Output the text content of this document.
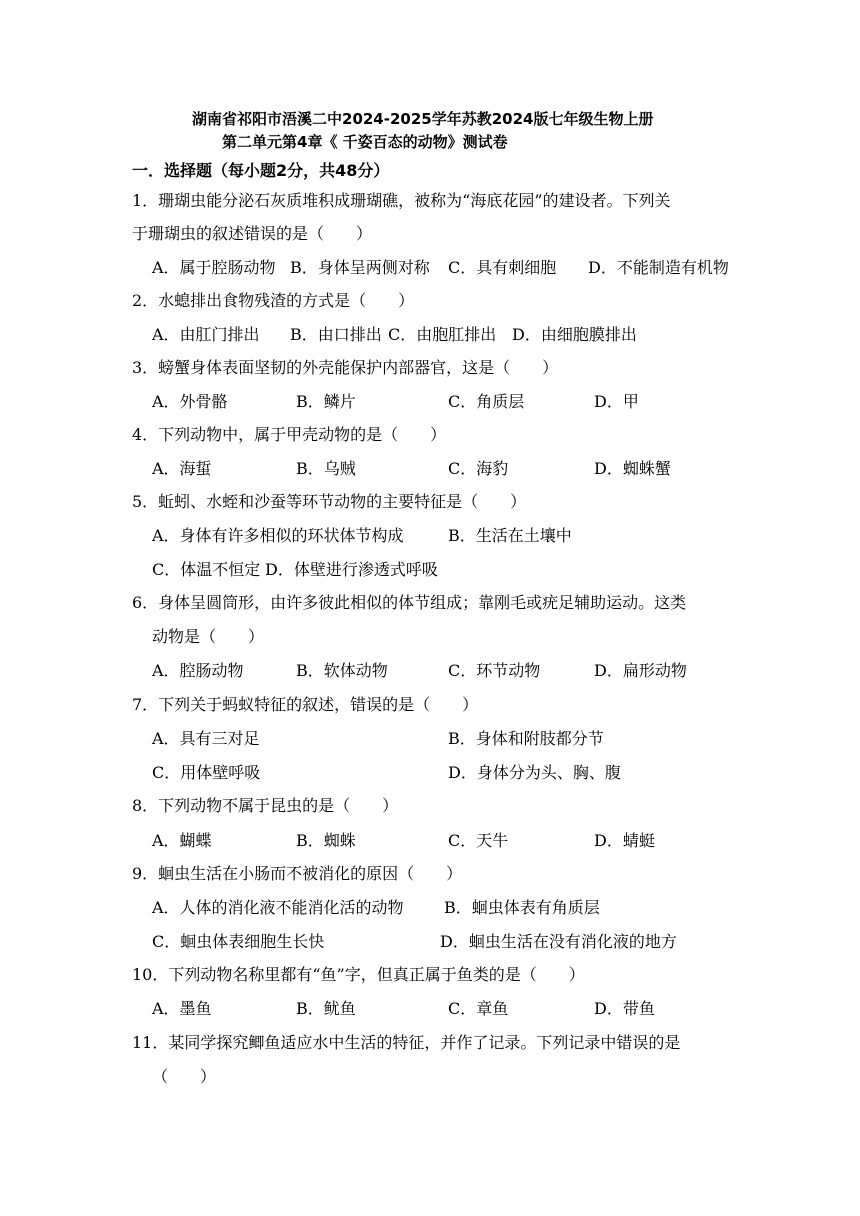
湖南省祁阳市浯溪二中2024-2025学年苏教2024版七年级生物上册
第二单元第4章《 千姿百态的动物》测试卷
一．选择题（每小题2分，共48分）
1．珊瑚虫能分泌石灰质堆积成珊瑚礁，被称为“海底花园”的建设者。下列关
于珊瑚虫的叙述错误的是（　　）
A．属于腔肠动物 B．身体呈两侧对称 C．具有刺细胞 D．不能制造有机物
2．水螅排出食物残渣的方式是（　　）
A．由肛门排出 B．由口排出 C．由胞肛排出 D．由细胞膜排出
3．螃蟹身体表面坚韧的外壳能保护内部器官，这是（　　）
A．外骨骼	B．鳞片	C．角质层	D．甲
4．下列动物中，属于甲壳动物的是（　　）
A．海蜇	B．乌贼	C．海豹	D．蜘蛛蟹
5．蚯蚓、水蛭和沙蚕等环节动物的主要特征是（　　）
A．身体有许多相似的环状体节构成	B．生活在土壤中
C．体温不恒定 D．体壁进行渗透式呼吸
6．身体呈圆筒形，由许多彼此相似的体节组成；靠刚毛或疣足辅助运动。这类
动物是（　　）
A．腔肠动物	B．软体动物	C．环节动物	D．扁形动物
7．下列关于蚂蚁特征的叙述，错误的是（　　）
A．具有三对足	B．身体和附肢都分节
C．用体壁呼吸	D．身体分为头、胸、腹
8．下列动物不属于昆虫的是（　　）
A．蝴蝶	B．蜘蛛	C．天牛	D．蜻蜓
9．蛔虫生活在小肠而不被消化的原因（　　）
A．人体的消化液不能消化活的动物	B．蛔虫体表有角质层
C．蛔虫体表细胞生长快	D．蛔虫生活在没有消化液的地方
10．下列动物名称里都有“鱼”字，但真正属于鱼类的是（　　）
A．墨鱼	B．鱿鱼	C．章鱼	D．带鱼
11．某同学探究鲫鱼适应水中生活的特征，并作了记录。下列记录中错误的是
（　　）
